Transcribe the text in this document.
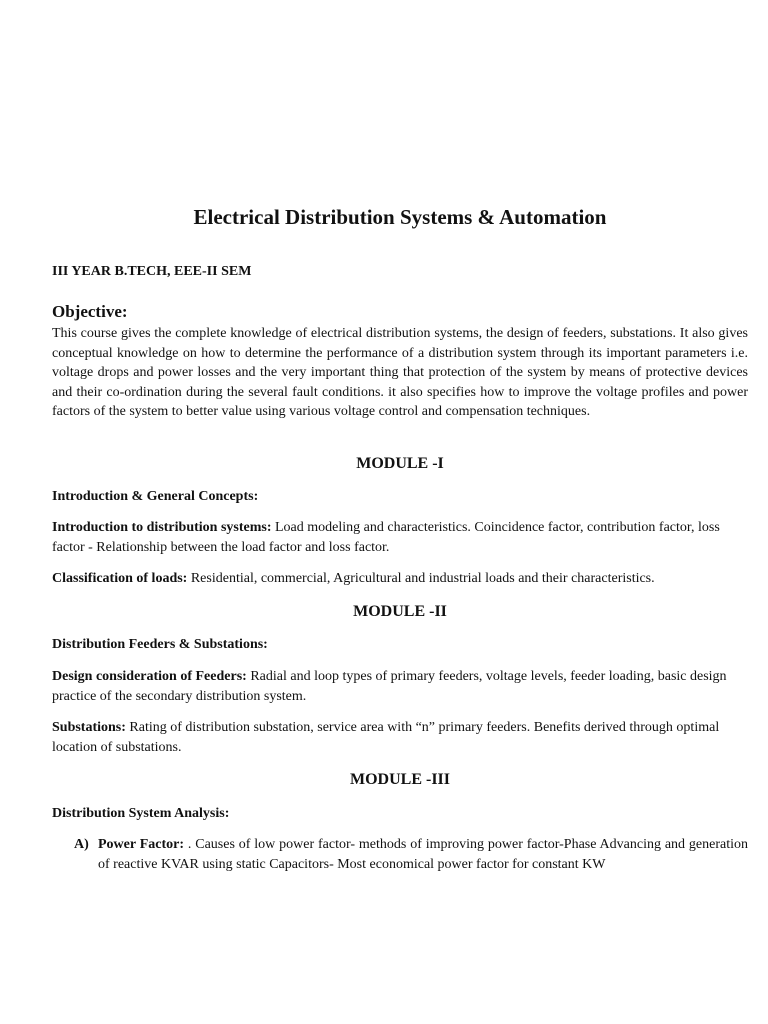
Electrical Distribution Systems & Automation

III YEAR B.TECH, EEE-II SEM

Objective:

This course gives the complete knowledge of electrical distribution systems, the design of feeders, substations. It also gives conceptual knowledge on how to determine the performance of a distribution system through its important parameters i.e. voltage drops and power losses and the very important thing that protection of the system by means of protective devices and their co-ordination during the several fault conditions. it also specifies how to improve the voltage profiles and power factors of the system to better value using various voltage control and compensation techniques.

MODULE -I

Introduction & General Concepts:

Introduction to distribution systems: Load modeling and characteristics. Coincidence factor, contribution factor, loss factor - Relationship between the load factor and loss factor.

Classification of loads: Residential, commercial, Agricultural and industrial loads and their characteristics.

MODULE -II

Distribution Feeders & Substations:

Design consideration of Feeders: Radial and loop types of primary feeders, voltage levels, feeder loading, basic design practice of the secondary distribution system.

Substations: Rating of distribution substation, service area with “n” primary feeders. Benefits derived through optimal location of substations.

MODULE -III

Distribution System Analysis:

A) Power Factor: . Causes of low power factor- methods of improving power factor-Phase Advancing and generation of reactive KVAR using static Capacitors- Most economical power factor for constant KW
